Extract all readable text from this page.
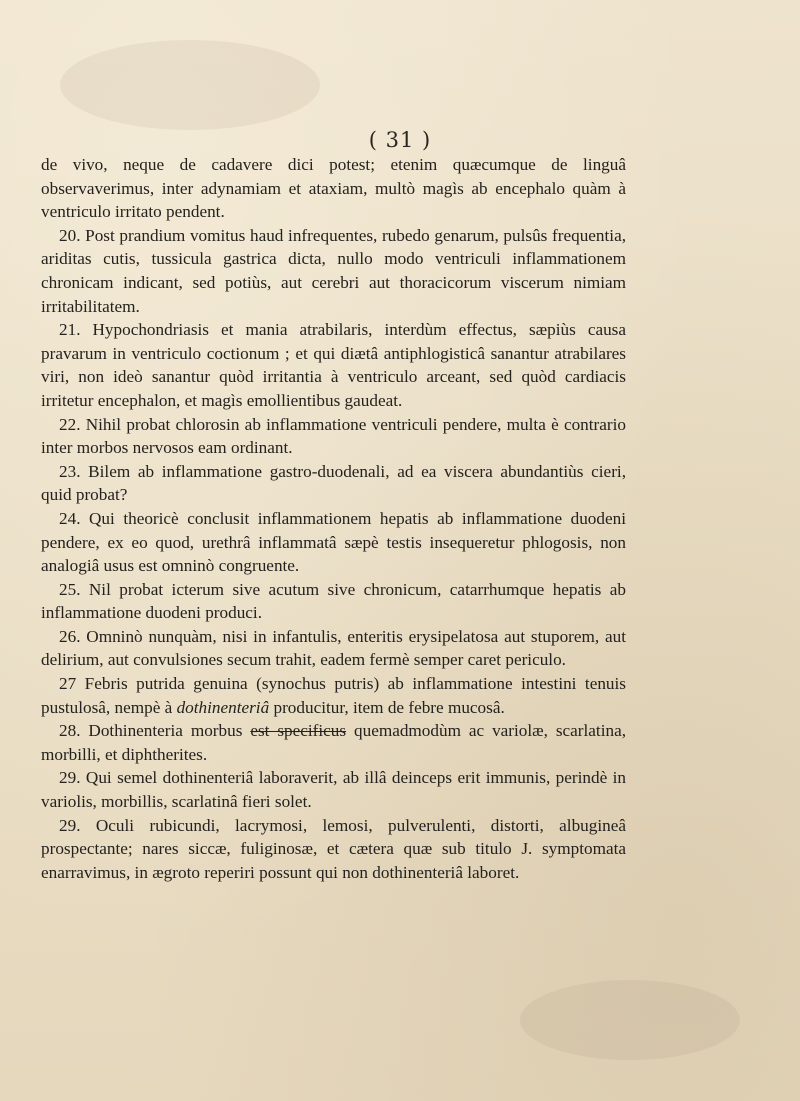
( 31 )

de vivo, neque de cadavere dici potest; etenim quæcumque de linguâ observaverimus, inter adynamiam et ataxiam, multò magìs ab encephalo quàm à ventriculo irritato pendent.

20. Post prandium vomitus haud infrequentes, rubedo genarum, pulsûs frequentia, ariditas cutis, tussicula gastrica dicta, nullo modo ventriculi inflammationem chronicam indicant, sed potiùs, aut cerebri aut thoracicorum viscerum nimiam irritabilitatem.

21. Hypochondriasis et mania atrabilaris, interdùm effectus, sæpiùs causa pravarum in ventriculo coctionum ; et qui diætâ antiphlogisticâ sanantur atrabilares viri, non ideò sanantur quòd irritantia à ventriculo arceant, sed quòd cardiacis irritetur encephalon, et magìs emollientibus gaudeat.

22. Nihil probat chlorosin ab inflammatione ventriculi pendere, multa è contrario inter morbos nervosos eam ordinant.

23. Bilem ab inflammatione gastro-duodenali, ad ea viscera abundantiùs cieri, quid probat?

24. Qui theoricè conclusit inflammationem hepatis ab inflammatione duodeni pendere, ex eo quod, urethrâ inflammatâ sæpè testis insequeretur phlogosis, non analogiâ usus est omninò congruente.

25. Nil probat icterum sive acutum sive chronicum, catarrhumque hepatis ab inflammatione duodeni produci.

26. Omninò nunquàm, nisi in infantulis, enteritis erysipelatosa aut stuporem, aut delirium, aut convulsiones secum trahit, eadem fermè semper caret periculo.

27 Febris putrida genuina (synochus putris) ab inflammatione intestini tenuis pustulosâ, nempè à dothinenteriâ producitur, item de febre mucosâ.

28. Dothinenteria morbus est specificus quemadmodùm ac variolæ, scarlatina, morbilli, et diphtherites.

29. Qui semel dothinenteriâ laboraverit, ab illâ deinceps erit immunis, perindè in variolis, morbillis, scarlatinâ fieri solet.

29. Oculi rubicundi, lacrymosi, lemosi, pulverulenti, distorti, albugineâ prospectante; nares siccæ, fuliginosæ, et cætera quæ sub titulo J. symptomata enarravimus, in ægroto reperiri possunt qui non dothinenteriâ laboret.
